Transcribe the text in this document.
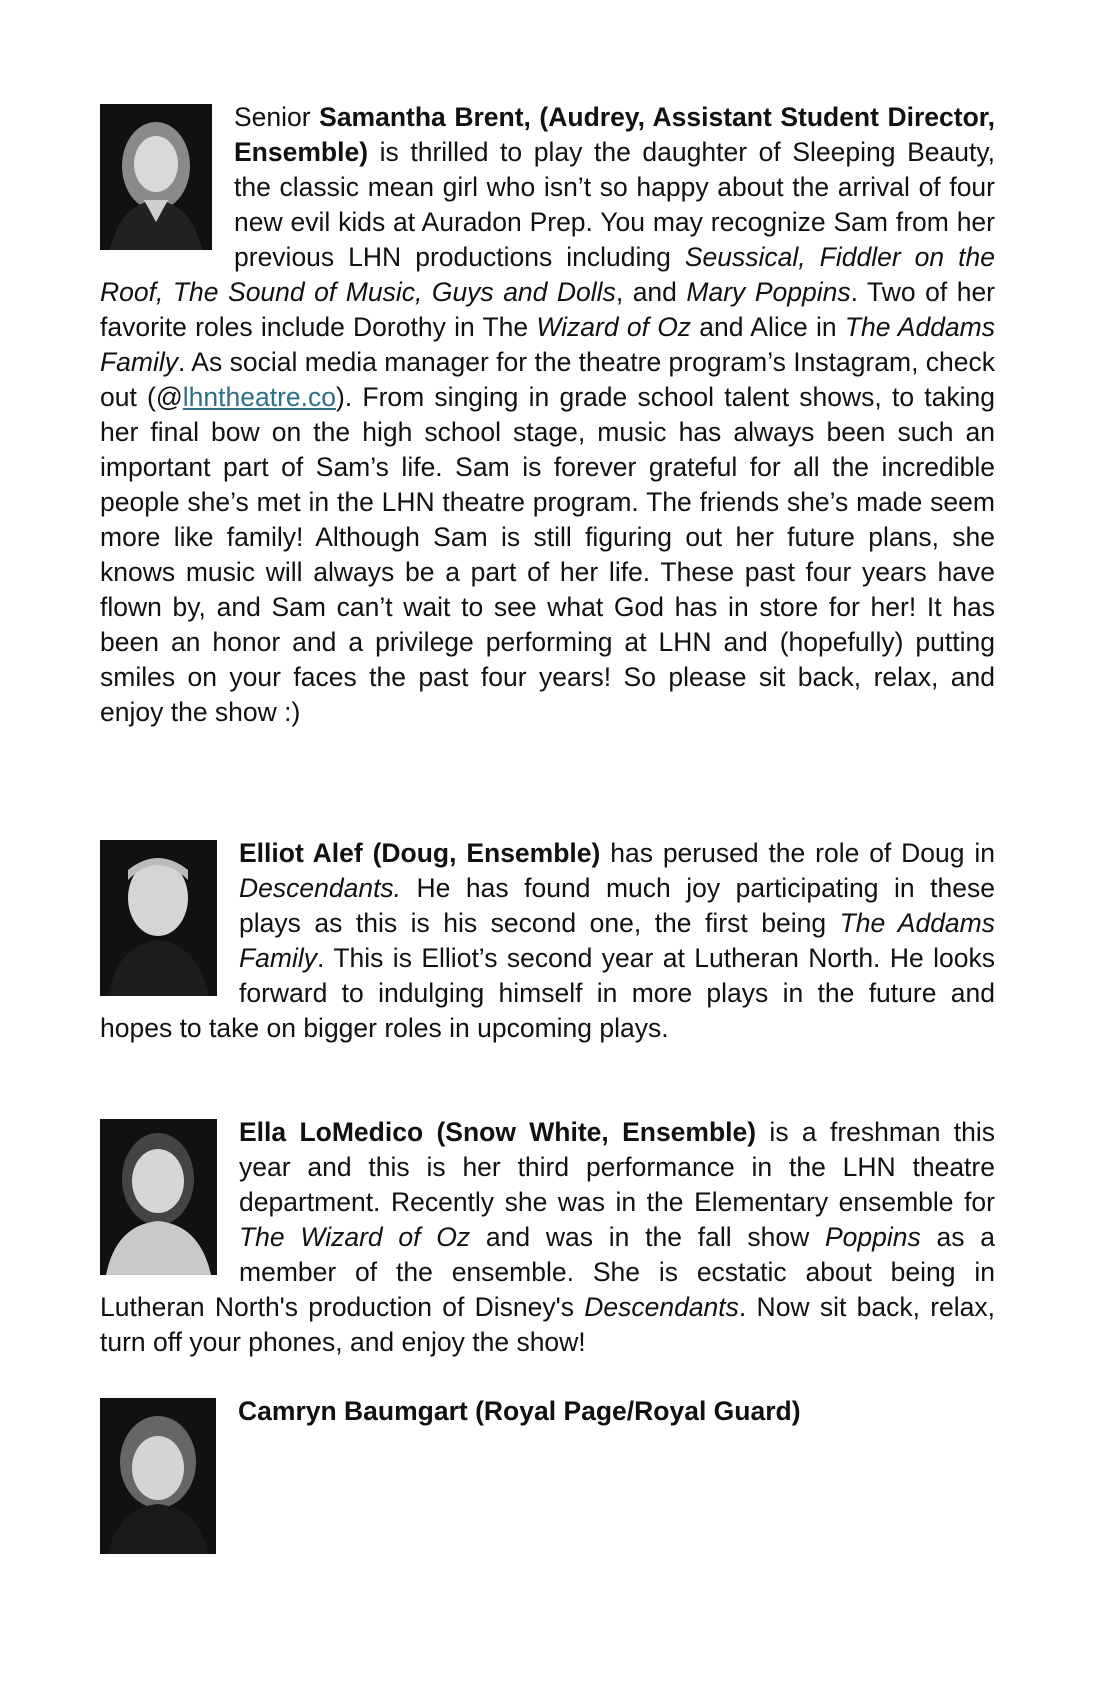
Senior Samantha Brent, (Audrey, Assistant Student Director, Ensemble) is thrilled to play the daughter of Sleeping Beauty, the classic mean girl who isn’t so happy about the arrival of four new evil kids at Auradon Prep. You may recognize Sam from her previous LHN productions including Seussical, Fiddler on the Roof, The Sound of Music, Guys and Dolls, and Mary Poppins. Two of her favorite roles include Dorothy in The Wizard of Oz and Alice in The Addams Family. As social media manager for the theatre program’s Instagram, check out (@lhntheatre.co). From singing in grade school talent shows, to taking her final bow on the high school stage, music has always been such an important part of Sam’s life. Sam is forever grateful for all the incredible people she’s met in the LHN theatre program. The friends she’s made seem more like family! Although Sam is still figuring out her future plans, she knows music will always be a part of her life. These past four years have flown by, and Sam can’t wait to see what God has in store for her! It has been an honor and a privilege performing at LHN and (hopefully) putting smiles on your faces the past four years! So please sit back, relax, and enjoy the show :)
Elliot Alef (Doug, Ensemble) has perused the role of Doug in Descendants. He has found much joy participating in these plays as this is his second one, the first being The Addams Family. This is Elliot’s second year at Lutheran North. He looks forward to indulging himself in more plays in the future and hopes to take on bigger roles in upcoming plays.
Ella LoMedico (Snow White, Ensemble) is a freshman this year and this is her third performance in the LHN theatre department. Recently she was in the Elementary ensemble for The Wizard of Oz and was in the fall show Poppins as a member of the ensemble. She is ecstatic about being in Lutheran North's production of Disney's Descendants. Now sit back, relax, turn off your phones, and enjoy the show!
Camryn Baumgart (Royal Page/Royal Guard)
